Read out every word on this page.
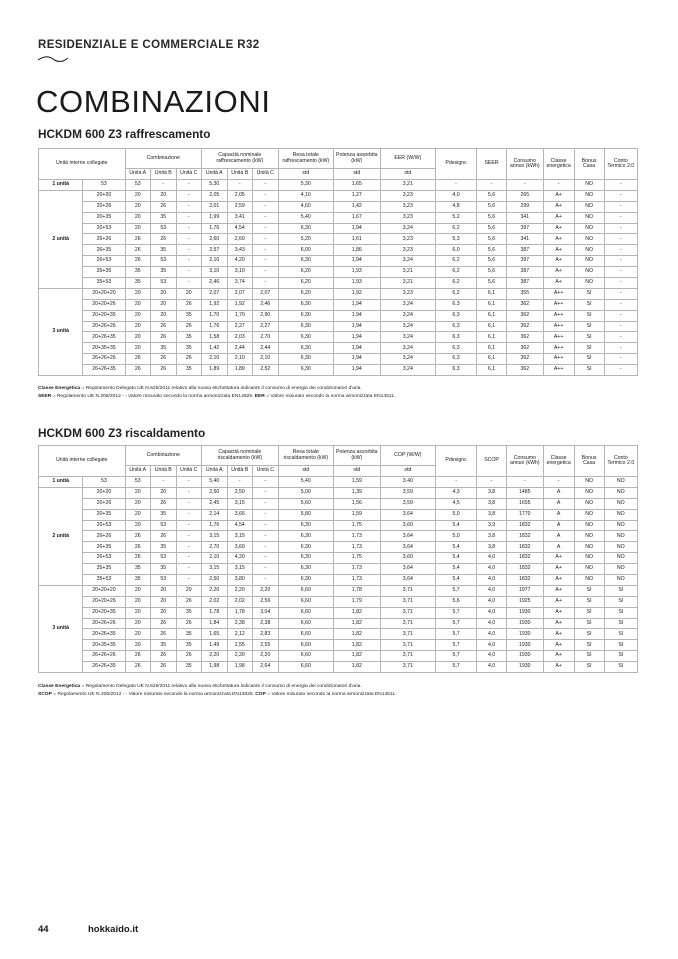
RESIDENZIALE E COMMERCIALE R32
COMBINAZIONI
HCKDM 600 Z3 raffrescamento
Unità interne collegate		Combinazione			Capacità nominale raffrescamento (kW)			Resa totale raffrescamento (kW)	Potenza assorbita (kW)	EER (W/W)	Pdesignc	SEER	Consumo annuo (kWh)	Classe energetica	Bonus Casa	Conto Termico 2.0
		Unità A	Unità B	Unità C	Unità A	Unità B	Unità C	std	std	std						
1 unità	53	53	-	-	5,30	-	-	5,30	1,65	3,21	-	-	-	-	NO	-
2 unità	20+20	20	20	-	2,05	2,05	-	4,10	1,27	3,23	4,0	5,6	265	A+	NO	-
	20+26	20	26	-	2,01	2,59	-	4,60	1,42	3,23	4,8	5,6	299	A+	NO	-
	20+35	20	35	-	1,99	3,41	-	5,40	1,67	3,23	5,2	5,6	341	A+	NO	-
	20+53	20	53	-	1,76	4,54	-	6,30	1,94	3,24	6,2	5,6	397	A+	NO	-
	26+26	26	26	-	2,60	2,60	-	5,20	1,61	3,23	5,3	5,6	341	A+	NO	-
	26+35	26	35	-	2,57	3,43	-	6,00	1,86	3,23	6,0	5,6	387	A+	NO	-
	26+53	26	53	-	2,10	4,20	-	6,30	1,94	3,24	6,2	5,6	397	A+	NO	-
	35+35	35	35	-	3,10	3,10	-	6,20	1,93	3,21	6,2	5,6	387	A+	NO	-
	35+53	35	53	-	2,46	3,74	-	6,20	1,93	3,21	6,2	5,6	387	A+	NO	-
3 unità	20+20+20	20	20	20	2,07	2,07	2,07	6,20	1,92	3,23	6,2	6,1	355	A++	SI	-
	20+20+26	20	20	26	1,92	1,92	2,46	6,30	1,94	3,24	6,3	6,1	362	A++	SI	-
	20+20+35	20	20	35	1,70	1,70	2,90	6,30	1,94	3,24	6,3	6,1	362	A++	SI	-
	20+26+26	20	26	26	1,76	2,27	2,27	6,30	1,94	3,24	6,3	6,1	362	A++	SI	-
	20+26+35	20	26	35	1,58	2,03	2,70	6,30	1,94	3,24	6,3	6,1	362	A++	SI	-
	20+35+35	20	35	35	1,42	2,44	2,44	6,30	1,94	3,24	6,3	6,1	362	A++	SI	-
	26+26+26	26	26	26	2,10	2,10	2,10	6,30	1,94	3,24	6,3	6,1	362	A++	SI	-
	26+26+35	26	26	35	1,89	1,89	2,52	6,30	1,94	3,24	6,3	6,1	362	A++	SI	-
Classe Energetica = Regolamento Delegato UE N.626/2011 relativo alla nuova etichettatura indicante il consumo di energia dei condizionatori d'aria.
SEER = Regolamento UE N.206/2012 - - Valore misurato secondo la norma armonizzata EN14825. EER = Valore misurato secondo la norma armonizzata EN14511.
HCKDM 600 Z3 riscaldamento
Unità interne collegate		Combinazione			Capacità nominale riscaldamento (kW)			Resa totale riscaldamento (kW)	Potenza assorbita (kW)	COP (W/W)	Pdesignc	SCOP	Consumo annuo (kWh)	Classe energetica	Bonus Casa	Conto Termico 2.0
		Unità A	Unità B	Unità C	Unità A	Unità B	Unità C	std	std	std						
1 unità	53	53	-	-	5,40	-	-	5,40	1,59	3,40	-	-	-	-	NO	NO
2 unità	20+20	20	20	-	2,50	2,50	-	5,00	1,39	3,59	4,3	3,8	1485	A	NO	NO
	20+26	20	26	-	2,45	3,15	-	5,60	1,56	3,59	4,5	3,8	1655	A	NO	NO
	20+35	20	35	-	2,14	3,66	-	5,80	1,59	3,64	5,0	3,8	1770	A	NO	NO
	20+53	20	53	-	1,76	4,54	-	6,30	1,75	3,60	5,4	3,9	1832	A	NO	NO
	26+26	26	26	-	3,15	3,15	-	6,30	1,73	3,64	5,0	3,8	1832	A	NO	NO
	26+35	26	35	-	2,70	3,60	-	6,30	1,73	3,64	5,4	3,8	1832	A	NO	NO
	26+53	26	53	-	2,10	4,20	-	6,30	1,75	3,60	5,4	4,0	1832	A+	NO	NO
	35+35	35	35	-	3,15	3,15	-	6,30	1,73	3,64	5,4	4,0	1832	A+	NO	NO
	35+53	35	53	-	2,50	3,80	-	6,30	1,73	3,64	5,4	4,0	1832	A+	NO	NO
3 unità	20+20+20	20	20	20	2,20	2,20	2,20	6,60	1,78	3,71	5,7	4,0	1977	A+	SI	SI
	20+20+26	20	20	26	2,02	2,02	2,56	6,60	1,79	3,71	5,6	4,0	1925	A+	SI	SI
	20+20+35	20	20	35	1,78	1,78	3,04	6,60	1,82	3,71	5,7	4,0	1930	A+	SI	SI
	20+26+26	20	26	26	1,84	2,38	2,38	6,60	1,82	3,71	5,7	4,0	1930	A+	SI	SI
	20+26+35	20	26	35	1,65	2,12	2,83	6,60	1,82	3,71	5,7	4,0	1930	A+	SI	SI
	20+35+35	20	35	35	1,49	2,55	2,55	6,60	1,82	3,71	5,7	4,0	1930	A+	SI	SI
	26+26+26	26	26	26	2,20	2,20	2,20	6,60	1,82	3,71	5,7	4,0	1930	A+	SI	SI
	26+26+35	26	26	35	1,98	1,98	2,64	6,60	1,82	3,71	5,7	4,0	1930	A+	SI	SI
Classe Energetica = Regolamento Delegato UE N.626/2011 relativo alla nuova etichettatura indicante il consumo di energia dei condizionatori d'aria.
SCOP = Regolamento UE N.206/2012 - - Valore misurato secondo la norma armonizzata EN14825. COP = Valore misurato secondo la norma armonizzata EN14511.
44	hokkaido.it
